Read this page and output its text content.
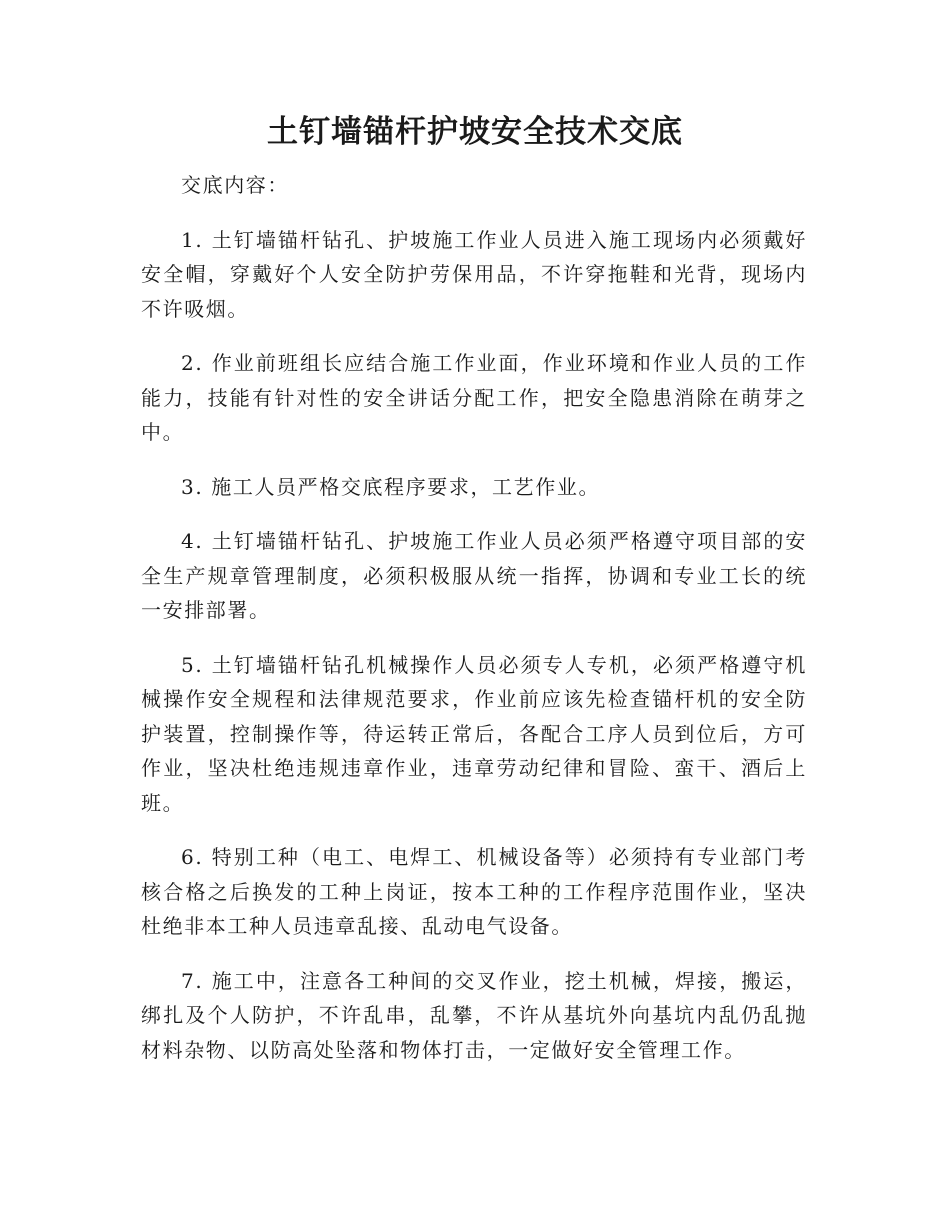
土钉墙锚杆护坡安全技术交底

交底内容：

1. 土钉墙锚杆钻孔、护坡施工作业人员进入施工现场内必须戴好安全帽，穿戴好个人安全防护劳保用品，不许穿拖鞋和光背，现场内不许吸烟。

2. 作业前班组长应结合施工作业面，作业环境和作业人员的工作能力，技能有针对性的安全讲话分配工作，把安全隐患消除在萌芽之中。

3. 施工人员严格交底程序要求，工艺作业。

4. 土钉墙锚杆钻孔、护坡施工作业人员必须严格遵守项目部的安全生产规章管理制度，必须积极服从统一指挥，协调和专业工长的统一安排部署。

5. 土钉墙锚杆钻孔机械操作人员必须专人专机，必须严格遵守机械操作安全规程和法律规范要求，作业前应该先检查锚杆机的安全防护装置，控制操作等，待运转正常后，各配合工序人员到位后，方可作业，坚决杜绝违规违章作业，违章劳动纪律和冒险、蛮干、酒后上班。

6. 特别工种（电工、电焊工、机械设备等）必须持有专业部门考核合格之后换发的工种上岗证，按本工种的工作程序范围作业，坚决杜绝非本工种人员违章乱接、乱动电气设备。

7. 施工中，注意各工种间的交叉作业，挖土机械，焊接，搬运，绑扎及个人防护，不许乱串，乱攀，不许从基坑外向基坑内乱仍乱抛材料杂物、以防高处坠落和物体打击，一定做好安全管理工作。
